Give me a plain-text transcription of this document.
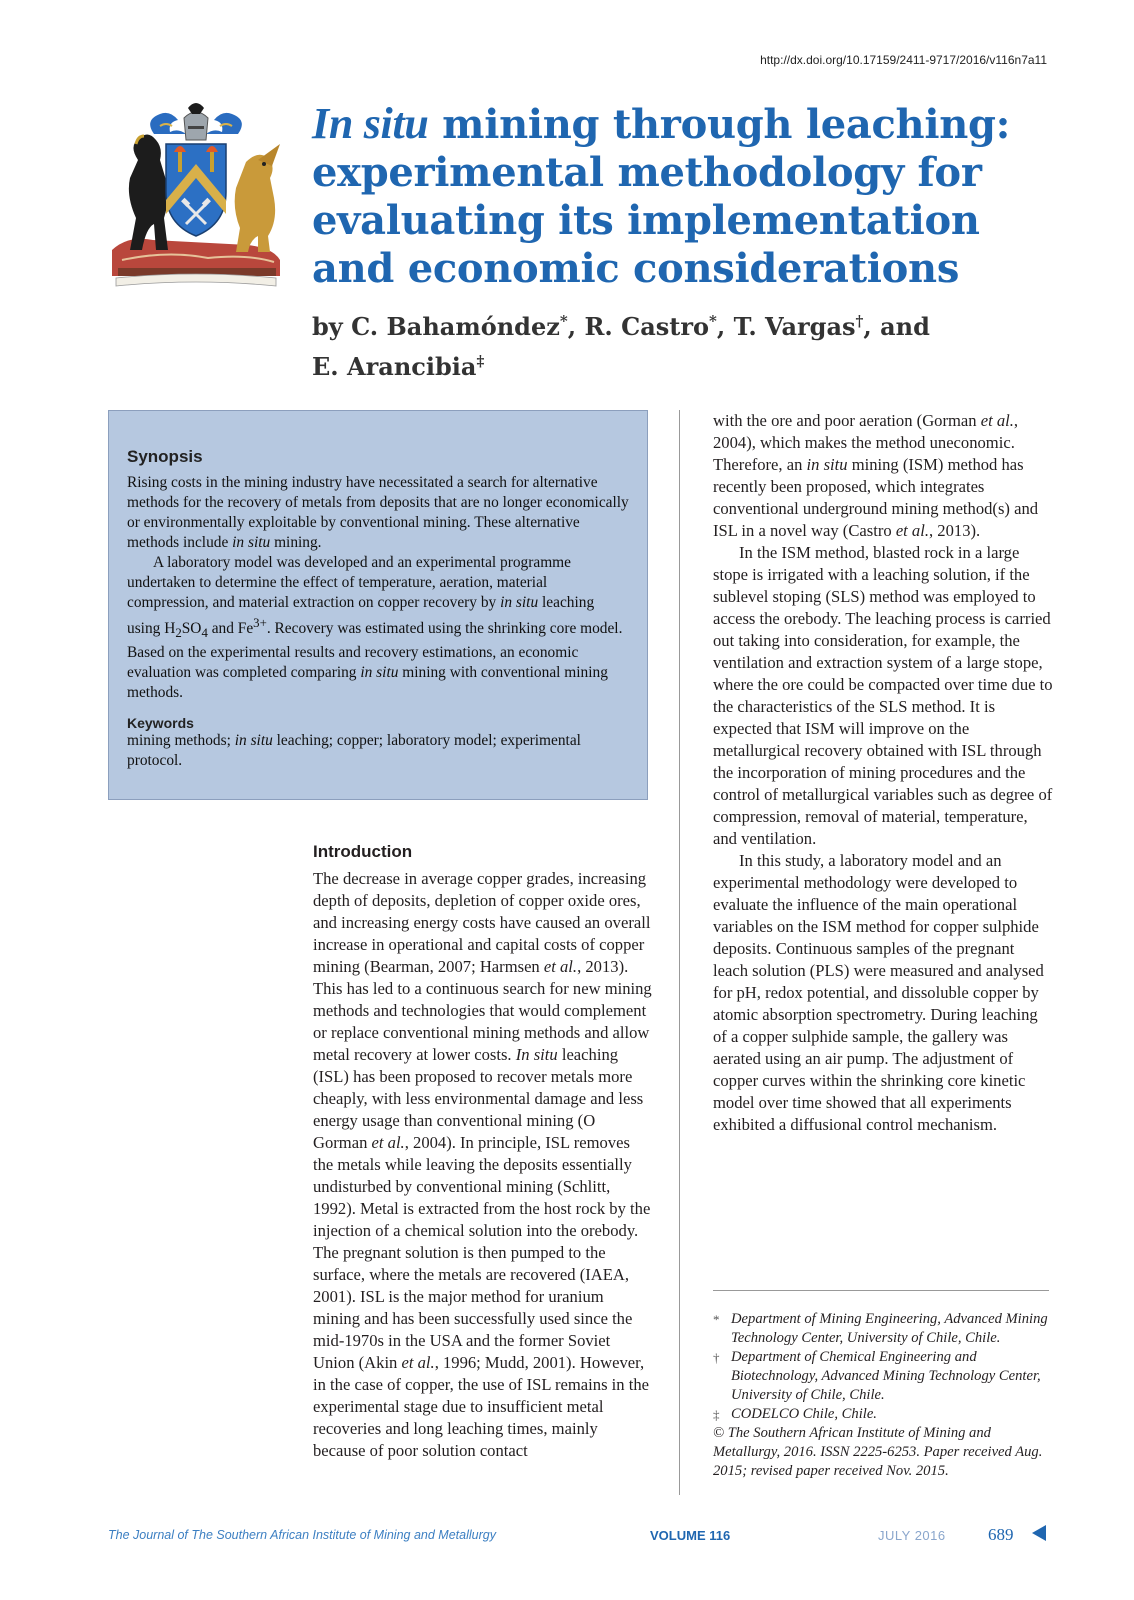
http://dx.doi.org/10.17159/2411-9717/2016/v116n7a11
In situ mining through leaching: experimental methodology for evaluating its implementation and economic considerations
by C. Bahamóndez*, R. Castro*, T. Vargas†, and
E. Arancibia‡
Synopsis

Rising costs in the mining industry have necessitated a search for alternative methods for the recovery of metals from deposits that are no longer economically or environmentally exploitable by conventional mining. These alternative methods include in situ mining.

A laboratory model was developed and an experimental programme undertaken to determine the effect of temperature, aeration, material compression, and material extraction on copper recovery by in situ leaching using $H_2SO_4$ and $Fe^{3+}$. Recovery was estimated using the shrinking core model. Based on the experimental results and recovery estimations, an economic evaluation was completed comparing in situ mining with conventional mining methods.

Keywords

mining methods; in situ leaching; copper; laboratory model; experimental protocol.

Introduction

The decrease in average copper grades, increasing depth of deposits, depletion of copper oxide ores, and increasing energy costs have caused an overall increase in operational and capital costs of copper mining (Bearman, 2007; Harmsen et al., 2013). This has led to a continuous search for new mining methods and technologies that would complement or replace conventional mining methods and allow metal recovery at lower costs. In situ leaching (ISL) has been proposed to recover metals more cheaply, with less environmental damage and less energy usage than conventional mining (O Gorman et al., 2004). In principle, ISL removes the metals while leaving the deposits essentially undisturbed by conventional mining (Schlitt, 1992). Metal is extracted from the host rock by the injection of a chemical solution into the orebody. The pregnant solution is then pumped to the surface, where the metals are recovered (IAEA, 2001). ISL is the major method for uranium mining and has been successfully used since the mid-1970s in the USA and the former Soviet Union (Akin et al., 1996; Mudd, 2001). However, in the case of copper, the use of ISL remains in the experimental stage due to insufficient metal recoveries and long leaching times, mainly because of poor solution contact

with the ore and poor aeration (Gorman et al., 2004), which makes the method uneconomic. Therefore, an in situ mining (ISM) method has recently been proposed, which integrates conventional underground mining method(s) and ISL in a novel way (Castro et al., 2013).

In the ISM method, blasted rock in a large stope is irrigated with a leaching solution, if the sublevel stoping (SLS) method was employed to access the orebody. The leaching process is carried out taking into consideration, for example, the ventilation and extraction system of a large stope, where the ore could be compacted over time due to the characteristics of the SLS method. It is expected that ISM will improve on the metallurgical recovery obtained with ISL through the incorporation of mining procedures and the control of metallurgical variables such as degree of compression, removal of material, temperature, and ventilation.

In this study, a laboratory model and an experimental methodology were developed to evaluate the influence of the main operational variables on the ISM method for copper sulphide deposits. Continuous samples of the pregnant leach solution (PLS) were measured and analysed for pH, redox potential, and dissoluble copper by atomic absorption spectrometry. During leaching of a copper sulphide sample, the gallery was aerated using an air pump. The adjustment of copper curves within the shrinking core kinetic model over time showed that all experiments exhibited a diffusional control mechanism.

* Department of Mining Engineering, Advanced Mining Technology Center, University of Chile, Chile.
† Department of Chemical Engineering and Biotechnology, Advanced Mining Technology Center, University of Chile, Chile.
‡ CODELCO Chile, Chile.
© The Southern African Institute of Mining and Metallurgy, 2016. ISSN 2225-6253. Paper received Aug. 2015; revised paper received Nov. 2015.
The Journal of The Southern African Institute of Mining and Metallurgy	VOLUME 116	JULY 2016 689
